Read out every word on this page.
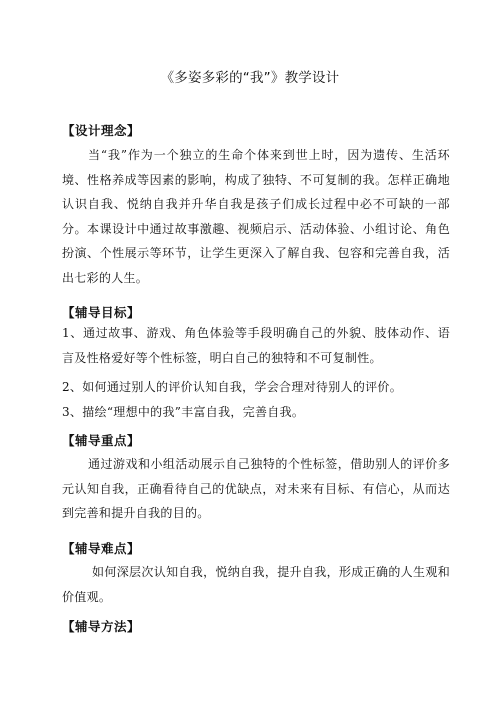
《多姿多彩的“我”》教学设计
【设计理念】
当“我”作为一个独立的生命个体来到世上时，因为遗传、生活环境、性格养成等因素的影响，构成了独特、不可复制的我。怎样正确地认识自我、悦纳自我并升华自我是孩子们成长过程中必不可缺的一部分。本课设计中通过故事激趣、视频启示、活动体验、小组讨论、角色扮演、个性展示等环节，让学生更深入了解自我、包容和完善自我，活出七彩的人生。
【辅导目标】
1、通过故事、游戏、角色体验等手段明确自己的外貌、肢体动作、语言及性格爱好等个性标签，明白自己的独特和不可复制性。
2、如何通过别人的评价认知自我，学会合理对待别人的评价。
3、描绘“理想中的我”丰富自我，完善自我。
【辅导重点】
通过游戏和小组活动展示自己独特的个性标签，借助别人的评价多元认知自我，正确看待自己的优缺点，对未来有目标、有信心，从而达到完善和提升自我的目的。
【辅导难点】
如何深层次认知自我，悦纳自我，提升自我，形成正确的人生观和价值观。
【辅导方法】
